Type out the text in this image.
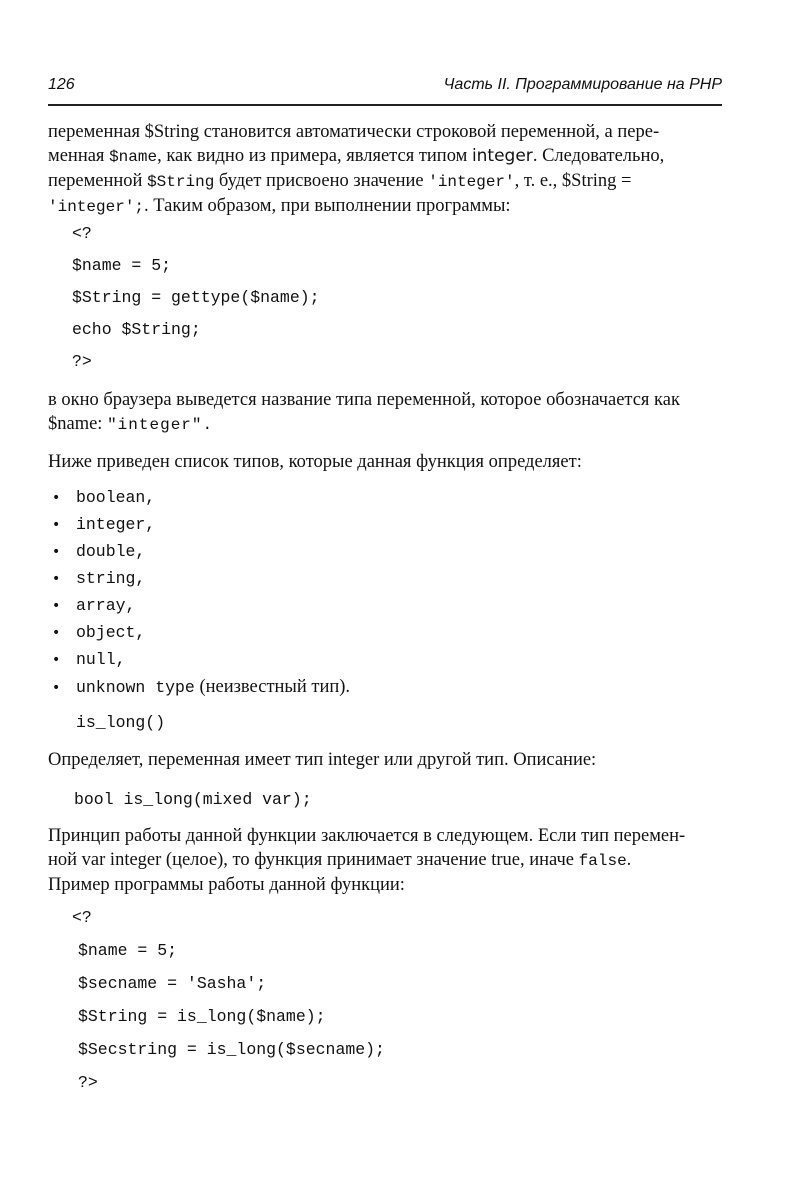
126	Часть II. Программирование на PHP
переменная $String становится автоматически строковой переменной, а пере-
менная $name, как видно из примера, является типом integer. Следовательно,
переменной $String будет присвоено значение 'integer', т. е., $String =
'integer';. Таким образом, при выполнении программы:
<?
$name = 5;
$String = gettype($name);
echo $String;
?>
в окно браузера выведется название типа переменной, которое обозначается как
$name: "integer".
Ниже приведен список типов, которые данная функция определяет:
• boolean,
• integer,
• double,
• string,
• array,
• object,
• null,
• unknown type (неизвестный тип).
is_long()
Определяет, переменная имеет тип integer или другой тип. Описание:
bool is_long(mixed var);
Принцип работы данной функции заключается в следующем. Если тип перемен-
ной var integer (целое), то функция принимает значение true, иначе false.
Пример программы работы данной функции:
<?
$name = 5;
$secname = 'Sasha';
$String = is_long($name);
$Secstring = is_long($secname);
?>
